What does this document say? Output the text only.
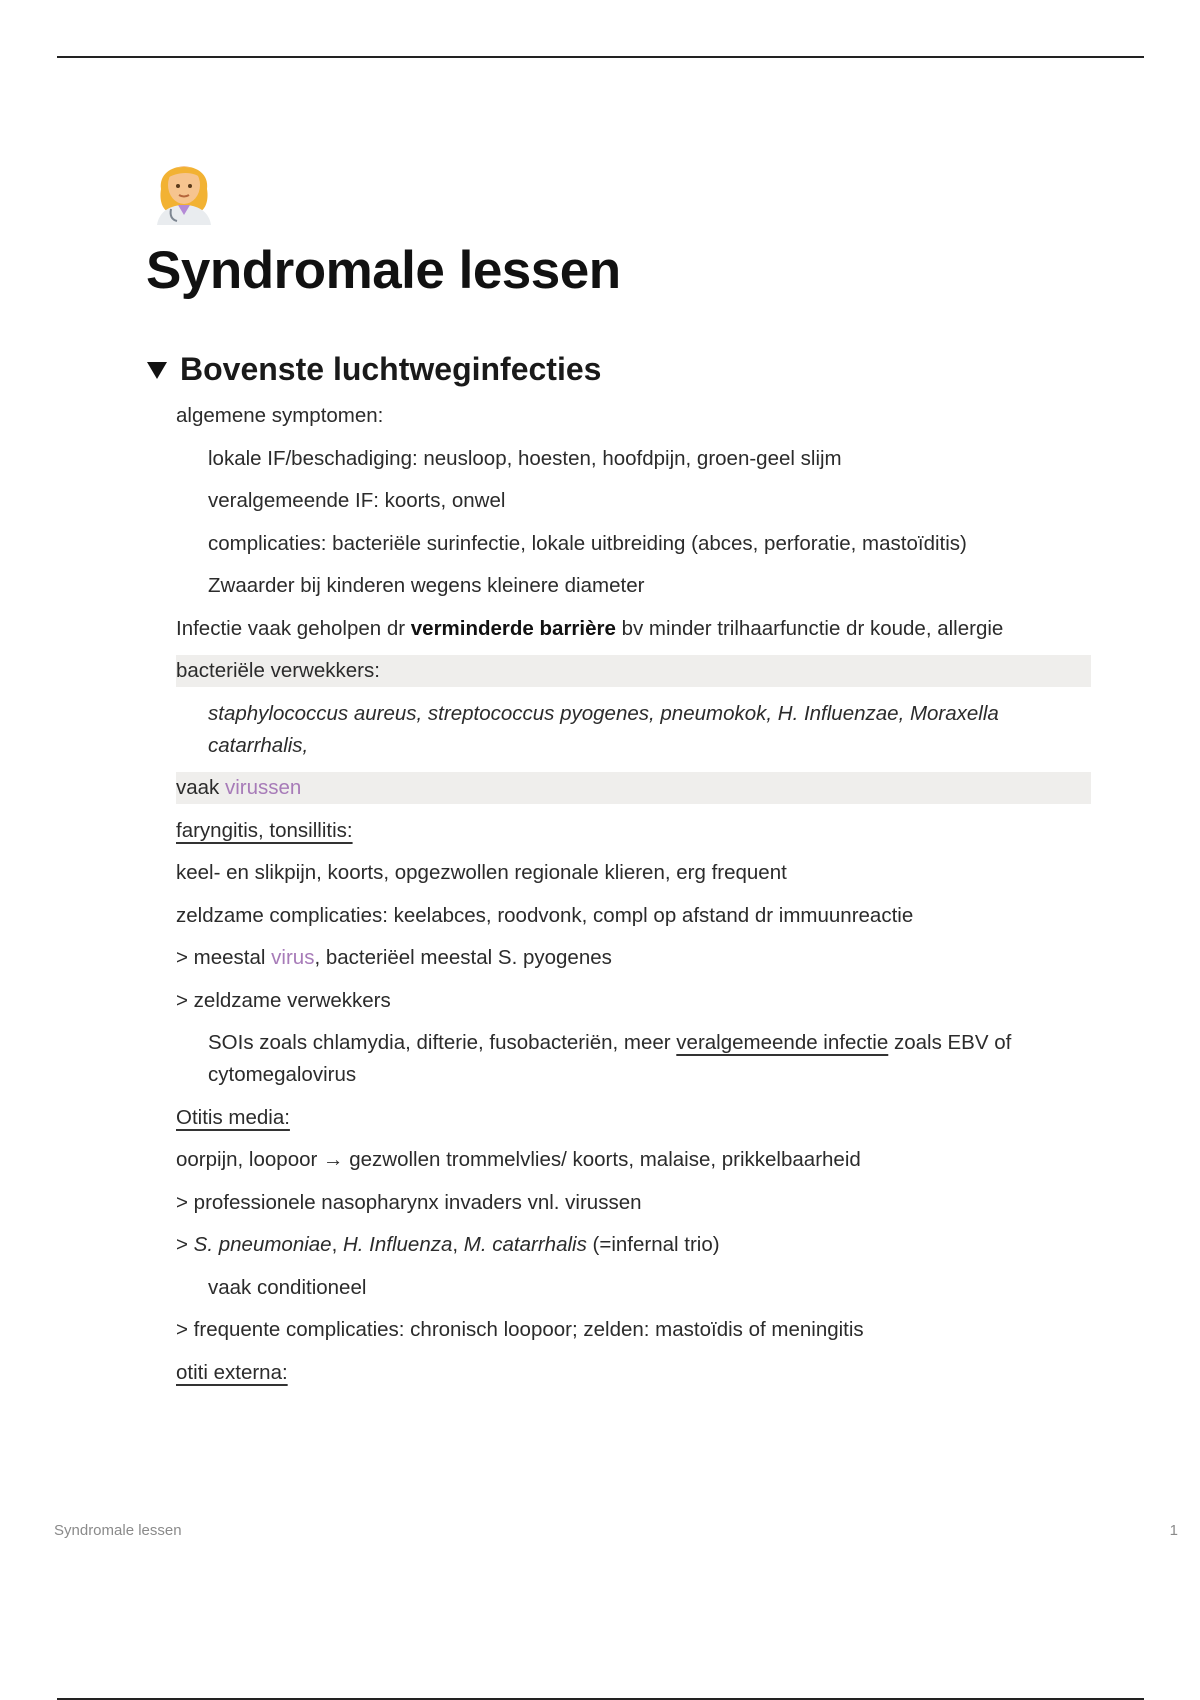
Syndromale lessen
Bovenste luchtweginfecties
algemene symptomen:
lokale IF/beschadiging: neusloop, hoesten, hoofdpijn, groen-geel slijm
veralgemeende IF: koorts, onwel
complicaties: bacteriële surinfectie, lokale uitbreiding (abces, perforatie, mastoïditis)
Zwaarder bij kinderen wegens kleinere diameter
Infectie vaak geholpen dr verminderde barrière bv minder trilhaarfunctie dr koude, allergie
bacteriële verwekkers:
staphylococcus aureus, streptococcus pyogenes, pneumokok, H. Influenzae, Moraxella catarrhalis,
vaak virussen
faryngitis, tonsillitis:
keel- en slikpijn, koorts, opgezwollen regionale klieren, erg frequent
zeldzame complicaties: keelabces, roodvonk, compl op afstand dr immuunreactie
> meestal virus, bacteriëel meestal S. pyogenes
> zeldzame verwekkers
SOIs zoals chlamydia, difterie, fusobacteriën, meer veralgemeende infectie zoals EBV of cytomegalovirus
Otitis media:
oorpijn, loopoor → gezwollen trommelvlies/ koorts, malaise, prikkelbaarheid
> professionele nasopharynx invaders vnl. virussen
> S. pneumoniae, H. Influenza, M. catarrhalis (=infernal trio)
vaak conditioneel
> frequente complicaties: chronisch loopoor; zelden: mastoïdis of meningitis
otiti externa:
Syndromale lessen	1
